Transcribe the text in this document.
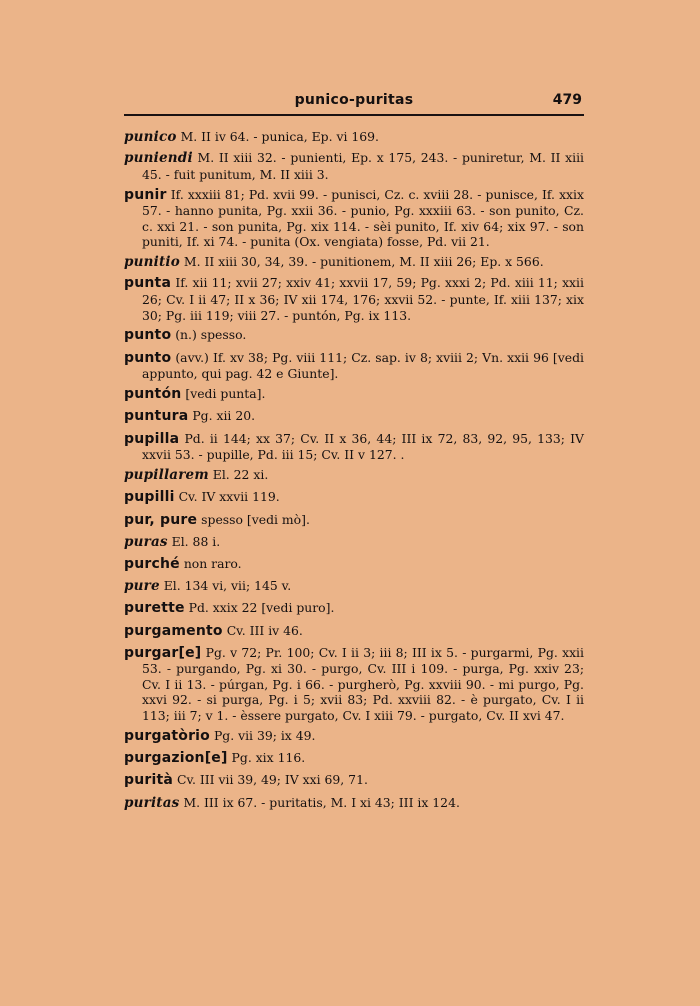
punico-puritas	479
punico M. II iv 64. - punica, Ep. vi 169.
puniendi M. II xiii 32. - punienti, Ep. x 175, 243. - puniretur, M. II xiii 45. - fuit punitum, M. II xiii 3.
punir If. xxxiii 81; Pd. xvii 99. - punisci, Cz. c. xviii 28. - punisce, If. xxix 57. - hanno punita, Pg. xxii 36. - punio, Pg. xxxiii 63. - son punito, Cz. c. xxi 21. - son punita, Pg. xix 114. - sèi punito, If. xiv 64; xix 97. - son puniti, If. xi 74. - punita (Ox. vengiata) fosse, Pd. vii 21.
punitio M. II xiii 30, 34, 39. - punitionem, M. II xiii 26; Ep. x 566.
punta If. xii 11; xvii 27; xxiv 41; xxvii 17, 59; Pg. xxxi 2; Pd. xiii 11; xxii 26; Cv. I ii 47; II x 36; IV xii 174, 176; xxvii 52. - punte, If. xiii 137; xix 30; Pg. iii 119; viii 27. - puntón, Pg. ix 113.
punto (n.) spesso.
punto (avv.) If. xv 38; Pg. viii 111; Cz. sap. iv 8; xviii 2; Vn. xxii 96 [vedi appunto, qui pag. 42 e Giunte].
puntón [vedi punta].
puntura Pg. xii 20.
pupilla Pd. ii 144; xx 37; Cv. II x 36, 44; III ix 72, 83, 92, 95, 133; IV xxvii 53. - pupille, Pd. iii 15; Cv. II v 127. .
pupillarem El. 22 xi.
pupilli Cv. IV xxvii 119.
pur, pure spesso [vedi mò].
puras El. 88 i.
purché non raro.
pure El. 134 vi, vii; 145 v.
purette Pd. xxix 22 [vedi puro].
purgamento Cv. III iv 46.
purgar[e] Pg. v 72; Pr. 100; Cv. I ii 3; iii 8; III ix 5. - purgarmi, Pg. xxii 53. - purgando, Pg. xi 30. - purgo, Cv. III i 109. - purga, Pg. xxiv 23; Cv. I ii 13. - púrgan, Pg. i 66. - purgherò, Pg. xxviii 90. - mi purgo, Pg. xxvi 92. - si purga, Pg. i 5; xvii 83; Pd. xxviii 82. - è purgato, Cv. I ii 113; iii 7; v 1. - èssere purgato, Cv. I xiii 79. - purgato, Cv. II xvi 47.
purgatòrio Pg. vii 39; ix 49.
purgazion[e] Pg. xix 116.
purità Cv. III vii 39, 49; IV xxi 69, 71.
puritas M. III ix 67. - puritatis, M. I xi 43; III ix 124.
